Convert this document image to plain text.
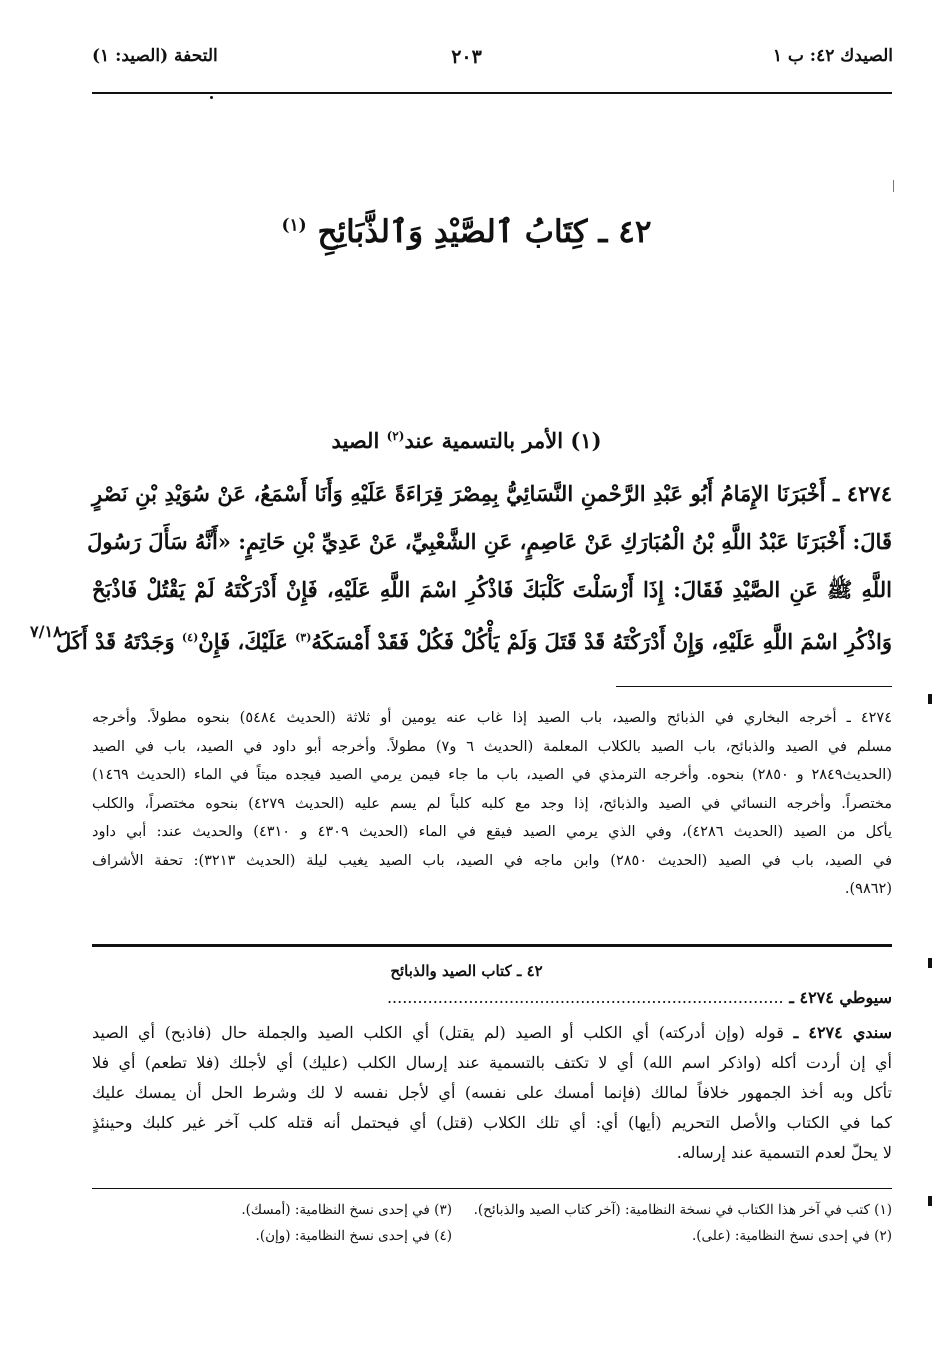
الصيدك ٤٢: ب ١
٢٠٣
التحفة (الصيد: ١)
٤٢ ـ كِتَابُ ٱلصَّيْدِ وَٱلذَّبَائِحِ $^{(١)}$
(١) الأمر بالتسمية عند$^{(٢)}$ الصيد
٤٢٧٤ ـ أَخْبَرَنَا الإِمَامُ أَبُو عَبْدِ الرَّحْمنِ النَّسَائِيُّ بِمِصْرَ قِرَاءَةً عَلَيْهِ وَأَنَا أَسْمَعُ، عَنْ سُوَيْدِ بْنِ نَصْرٍ
قَالَ: أَخْبَرَنَا عَبْدُ اللَّهِ بْنُ الْمُبَارَكِ عَنْ عَاصِمٍ، عَنِ الشَّعْبِيِّ، عَنْ عَدِيِّ بْنِ حَاتِمٍ: «أَنَّهُ سَأَلَ رَسُولَ
اللَّهِ ﷺ عَنِ الصَّيْدِ فَقَالَ: إِذَا أَرْسَلْتَ كَلْبَكَ فَاذْكُرِ اسْمَ اللَّهِ عَلَيْهِ، فَإِنْ أَدْرَكْتَهُ لَمْ يَقْتُلْ فَاذْبَحْ
وَاذْكُرِ اسْمَ اللَّهِ عَلَيْهِ، وَإِنْ أَدْرَكْتَهُ قَدْ قَتَلَ وَلَمْ يَأْكُلْ فَكُلْ فَقَدْ أَمْسَكَهُ$^{(٣)}$ عَلَيْكَ، فَإِنْ$^{(٤)}$ وَجَدْتَهُ قَدْ أَكَلَ
٧/١٨٠
٤٢٧٤ ـ أخرجه البخاري في الذبائح والصيد، باب الصيد إذا غاب عنه يومين أو ثلاثة (الحديث ٥٤٨٤) بنحوه مطولاً. وأخرجه
مسلم في الصيد والذبائح، باب الصيد بالكلاب المعلمة (الحديث ٦ و٧) مطولاً. وأخرجه أبو داود في الصيد، باب في الصيد
(الحديث٢٨٤٩ و ٢٨٥٠) بنحوه. وأخرجه الترمذي في الصيد، باب ما جاء فيمن يرمي الصيد فيجده ميتاً في الماء (الحديث ١٤٦٩)
مختصراً. وأخرجه النسائي في الصيد والذبائح، إذا وجد مع كلبه كلباً لم يسم عليه (الحديث ٤٢٧٩) بنحوه مختصراً، والكلب
يأكل من الصيد (الحديث ٤٢٨٦)، وفي الذي يرمي الصيد فيقع في الماء (الحديث ٤٣٠٩ و ٤٣١٠) والحديث عند: أبي داود
في الصيد، باب في الصيد (الحديث ٢٨٥٠) وابن ماجه في الصيد، باب الصيد يغيب ليلة (الحديث ٣٢١٣): تحفة الأشراف
(٩٨٦٢).
٤٢ ـ كتاب الصيد والذبائح
سيوطي ٤٢٧٤ ـ ..............................................................................
سندي ٤٢٧٤ ـ قوله (وإن أدركته) أي الكلب أو الصيد (لم يقتل) أي الكلب الصيد والجملة حال (فاذبح) أي الصيد
أي إن أردت أكله (واذكر اسم الله) أي لا تكتف بالتسمية عند إرسال الكلب (عليك) أي لأجلك (فلا تطعم) أي فلا
تأكل وبه أخذ الجمهور خلافاً لمالك (فإنما أمسك على نفسه) أي لأجل نفسه لا لك وشرط الحل أن يمسك عليك
كما في الكتاب والأصل التحريم (أيها) أي: أي تلك الكلاب (قتل) أي فيحتمل أنه قتله كلب آخر غير كلبك وحينئذٍ
لا يحلّ لعدم التسمية عند إرساله.
(١) كتب في آخر هذا الكتاب في نسخة النظامية: (آخر كتاب الصيد والذبائح).
(٢) في إحدى نسخ النظامية: (على).
(٣) في إحدى نسخ النظامية: (أمسك).
(٤) في إحدى نسخ النظامية: (وإن).
